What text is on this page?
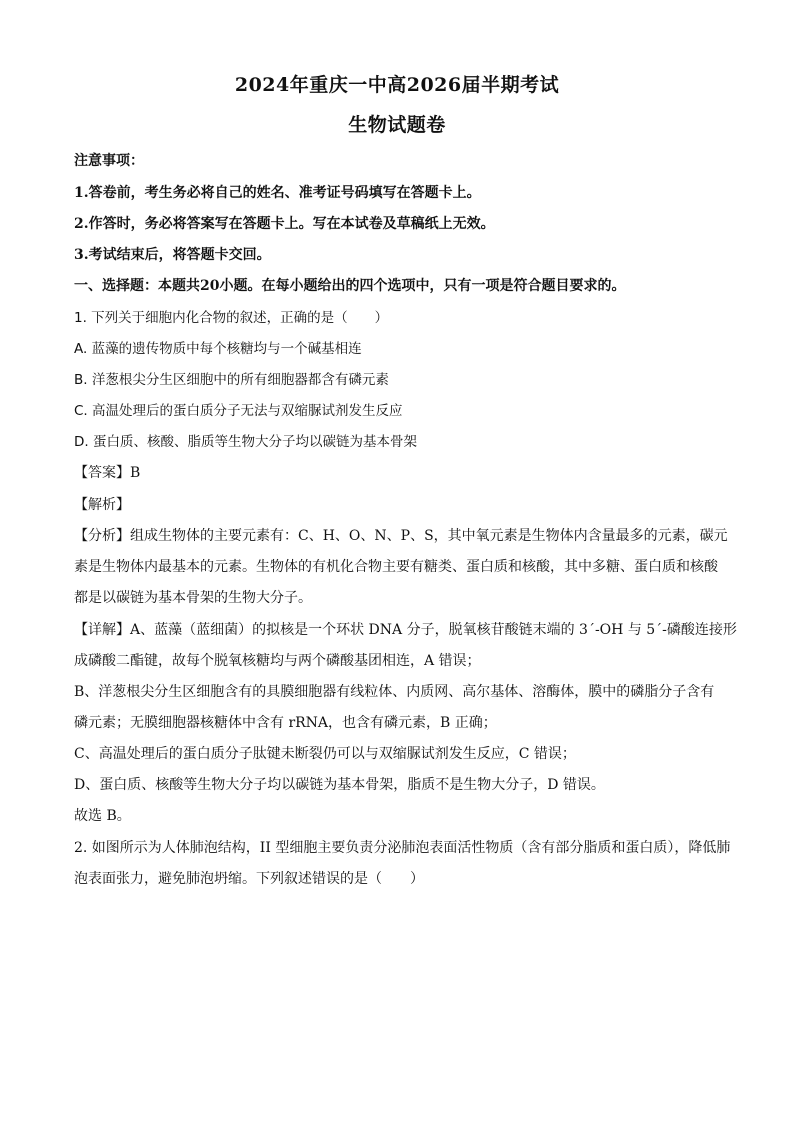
2024年重庆一中高2026届半期考试
生物试题卷
注意事项：
1.答卷前，考生务必将自己的姓名、准考证号码填写在答题卡上。
2.作答时，务必将答案写在答题卡上。写在本试卷及草稿纸上无效。
3.考试结束后，将答题卡交回。
一、选择题：本题共20小题。在每小题给出的四个选项中，只有一项是符合题目要求的。
1. 下列关于细胞内化合物的叙述，正确的是（　　）
A. 蓝藻的遗传物质中每个核糖均与一个碱基相连
B. 洋葱根尖分生区细胞中的所有细胞器都含有磷元素
C. 高温处理后的蛋白质分子无法与双缩脲试剂发生反应
D. 蛋白质、核酸、脂质等生物大分子均以碳链为基本骨架
【答案】B
【解析】
【分析】组成生物体的主要元素有：C、H、O、N、P、S，其中氧元素是生物体内含量最多的元素，碳元
素是生物体内最基本的元素。生物体的有机化合物主要有糖类、蛋白质和核酸，其中多糖、蛋白质和核酸
都是以碳链为基本骨架的生物大分子。
【详解】A、蓝藻（蓝细菌）的拟核是一个环状 DNA 分子，脱氧核苷酸链末端的 3´-OH 与 5´-磷酸连接形
成磷酸二酯键，故每个脱氧核糖均与两个磷酸基团相连，A 错误；
B、洋葱根尖分生区细胞含有的具膜细胞器有线粒体、内质网、高尔基体、溶酶体，膜中的磷脂分子含有
磷元素；无膜细胞器核糖体中含有 rRNA，也含有磷元素，B 正确；
C、高温处理后的蛋白质分子肽键未断裂仍可以与双缩脲试剂发生反应，C 错误；
D、蛋白质、核酸等生物大分子均以碳链为基本骨架，脂质不是生物大分子，D 错误。
故选 B。
2. 如图所示为人体肺泡结构，II 型细胞主要负责分泌肺泡表面活性物质（含有部分脂质和蛋白质），降低肺
泡表面张力，避免肺泡坍缩。下列叙述错误的是（　　）
